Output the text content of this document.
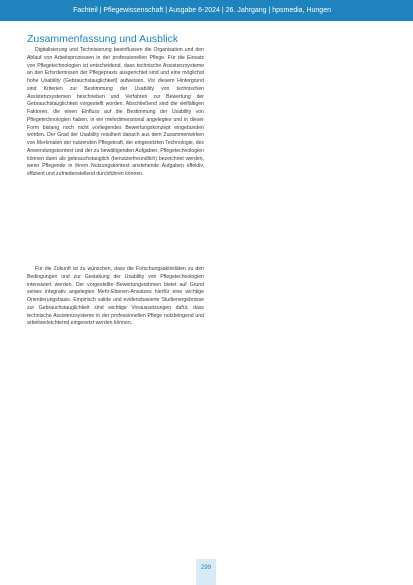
Fachteil | Pflegewissenschaft | Ausgabe 6-2024 | 26. Jahrgang | hpsmedia, Hungen
Zusammenfassung und Ausblick

Digitalisierung und Technisierung beeinflussen die Organisation und den Ablauf von Arbeitsprozessen in der professionellen Pflege. Für die Einsatz von Pflegetechnologien ist entscheidend, dass technische Assistenzsysteme an den Erfordernissen der Pflegepraxis ausgerichtet sind und eine möglichst hohe Usability (Gebrauchstauglichkeit) aufweisen. Vor diesem Hintergrund sind Kriterien zur Bestimmung der Usability von technischen Assistenzsystemen beschrieben und Verfahren zur Bewertung der Gebrauchstauglichkeit vorgestellt worden. Abschließend sind die vielfältigen Faktoren, die einen Einfluss auf die Bestimmung der Usability von Pflegetechnologien haben, in ein mehrdimensional angelegtes und in dieser Form bislang noch nicht vorliegendes Bewertungskonzept eingebunden worden. Der Grad der Usability resultiert danach aus dem Zusammenwirken von Merkmalen der nutzenden Pflegekraft, der eingesetzten Technologie, des Anwendungskontext und der zu bewältigenden Aufgaben. Pflegetechnologien können dann als gebrauchstauglich (benutzerfreundlich) bezeichnet werden, wenn Pflegende in ihrem Nutzungskontext anstehende Aufgaben effektiv, effizient und zufriedenstellend durchführen können.

Für die Zukunft ist zu wünschen, dass die Forschungsaktivitäten zu den Bedingungen und zur Gestaltung der Usability von Pflegetechnologien intensiviert werden. Der vorgestellte Bewertungsrahmen bietet auf Grund seines integrativ angelegten Mehr-Ebenen-Ansatzes hierfür eine wichtige Orientierungsbasis. Empirisch valide und evidenzbasierte Studienergebnisse zur Gebrauchstauglichkeit sind wichtige Voraussetzungen dafür, dass technische Assistenzsysteme in der professionellen Pflege nutzbringend und arbeitserleichternd eingesetzt werden können.

299
